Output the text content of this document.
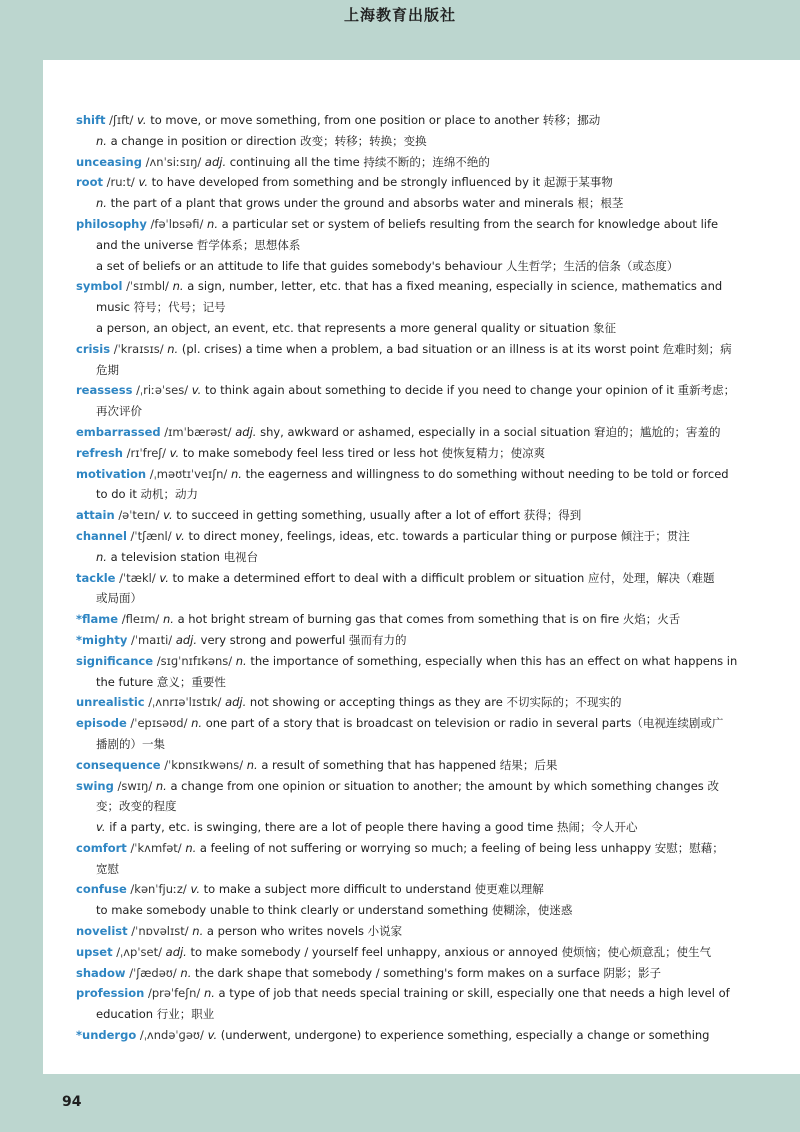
上海教育出版社
shift /ʃɪft/ v. to move, or move something, from one position or place to another 转移；挪动
n. a change in position or direction 改变；转移；转换；变换
unceasing /ʌnˈsiːsɪŋ/ adj. continuing all the time 持续不断的；连绵不绝的
root /ruːt/ v. to have developed from something and be strongly influenced by it 起源于某事物
n. the part of a plant that grows under the ground and absorbs water and minerals 根；根茎
philosophy /fəˈlɒsəfi/ n. a particular set or system of beliefs resulting from the search for knowledge about life
and the universe 哲学体系；思想体系
a set of beliefs or an attitude to life that guides somebody's behaviour 人生哲学；生活的信条（或态度）
symbol /ˈsɪmbl/ n. a sign, number, letter, etc. that has a fixed meaning, especially in science, mathematics and
music 符号；代号；记号
a person, an object, an event, etc. that represents a more general quality or situation 象征
crisis /ˈkraɪsɪs/ n. (pl. crises) a time when a problem, a bad situation or an illness is at its worst point 危难时刻；病
危期
reassess /ˌriːəˈses/ v. to think again about something to decide if you need to change your opinion of it 重新考虑；
再次评价
embarrassed /ɪmˈbærəst/ adj. shy, awkward or ashamed, especially in a social situation 窘迫的；尴尬的；害羞的
refresh /rɪˈfreʃ/ v. to make somebody feel less tired or less hot 使恢复精力；使凉爽
motivation /ˌməʊtɪˈveɪʃn/ n. the eagerness and willingness to do something without needing to be told or forced
to do it 动机；动力
attain /əˈteɪn/ v. to succeed in getting something, usually after a lot of effort 获得；得到
channel /ˈtʃænl/ v. to direct money, feelings, ideas, etc. towards a particular thing or purpose 倾注于；贯注
n. a television station 电视台
tackle /ˈtækl/ v. to make a determined effort to deal with a difficult problem or situation 应付，处理，解决（难题
或局面）
*flame /fleɪm/ n. a hot bright stream of burning gas that comes from something that is on fire 火焰；火舌
*mighty /ˈmaɪti/ adj. very strong and powerful 强而有力的
significance /sɪɡˈnɪfɪkəns/ n. the importance of something, especially when this has an effect on what happens in
the future 意义；重要性
unrealistic /ˌʌnrɪəˈlɪstɪk/ adj. not showing or accepting things as they are 不切实际的；不现实的
episode /ˈepɪsəʊd/ n. one part of a story that is broadcast on television or radio in several parts（电视连续剧或广
播剧的）一集
consequence /ˈkɒnsɪkwəns/ n. a result of something that has happened 结果；后果
swing /swɪŋ/ n. a change from one opinion or situation to another; the amount by which something changes 改
变；改变的程度
v. if a party, etc. is swinging, there are a lot of people there having a good time 热闹；令人开心
comfort /ˈkʌmfət/ n. a feeling of not suffering or worrying so much; a feeling of being less unhappy 安慰；慰藉；
宽慰
confuse /kənˈfjuːz/ v. to make a subject more difficult to understand 使更难以理解
to make somebody unable to think clearly or understand something 使糊涂，使迷惑
novelist /ˈnɒvəlɪst/ n. a person who writes novels 小说家
upset /ˌʌpˈset/ adj. to make somebody / yourself feel unhappy, anxious or annoyed 使烦恼；使心烦意乱；使生气
shadow /ˈʃædəʊ/ n. the dark shape that somebody / something's form makes on a surface 阴影；影子
profession /prəˈfeʃn/ n. a type of job that needs special training or skill, especially one that needs a high level of
education 行业；职业
*undergo /ˌʌndəˈɡəʊ/ v. (underwent, undergone) to experience something, especially a change or something
94
